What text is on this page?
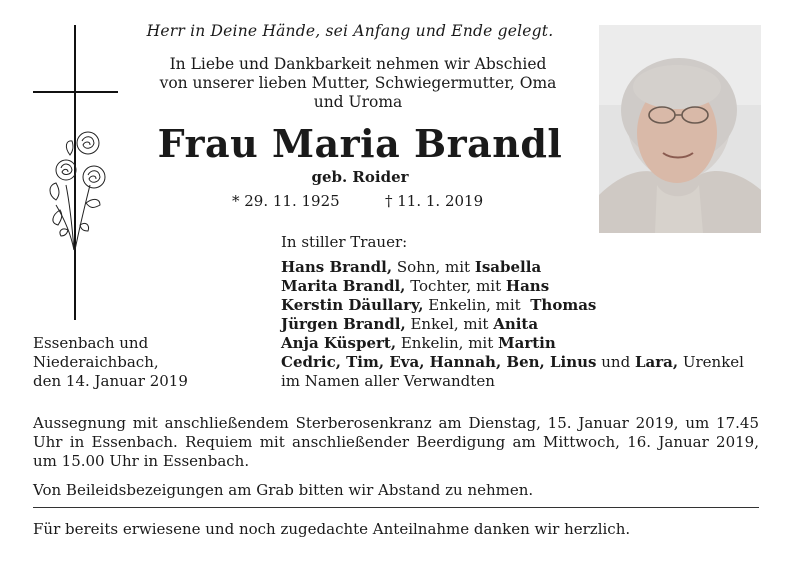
Herr in Deine Hände, sei Anfang und Ende gelegt.
In Liebe und Dankbarkeit nehmen wir Abschied
von unserer lieben Mutter, Schwiegermutter, Oma
und Uroma
Frau Maria Brandl
geb. Roider
* 29. 11. 1925	† 11. 1. 2019
In stiller Trauer:
Hans Brandl, Sohn, mit Isabella
Marita Brandl, Tochter, mit Hans
Kerstin Däullary, Enkelin, mit  Thomas
Jürgen Brandl, Enkel, mit Anita
Anja Küspert, Enkelin, mit Martin
Cedric, Tim, Eva, Hannah, Ben, Linus und Lara, Urenkel
im Namen aller Verwandten
Essenbach und
Niederaichbach,
den 14. Januar 2019
Aussegnung mit anschließendem Sterberosenkranz am Dienstag, 15. Januar 2019, um 17.45 Uhr in Essenbach. Requiem mit anschließender Beerdigung am Mittwoch, 16. Januar 2019, um 15.00 Uhr in Essenbach.
Von Beileidsbezeigungen am Grab bitten wir Abstand zu nehmen.
Für bereits erwiesene und noch zugedachte Anteilnahme danken wir herzlich.
